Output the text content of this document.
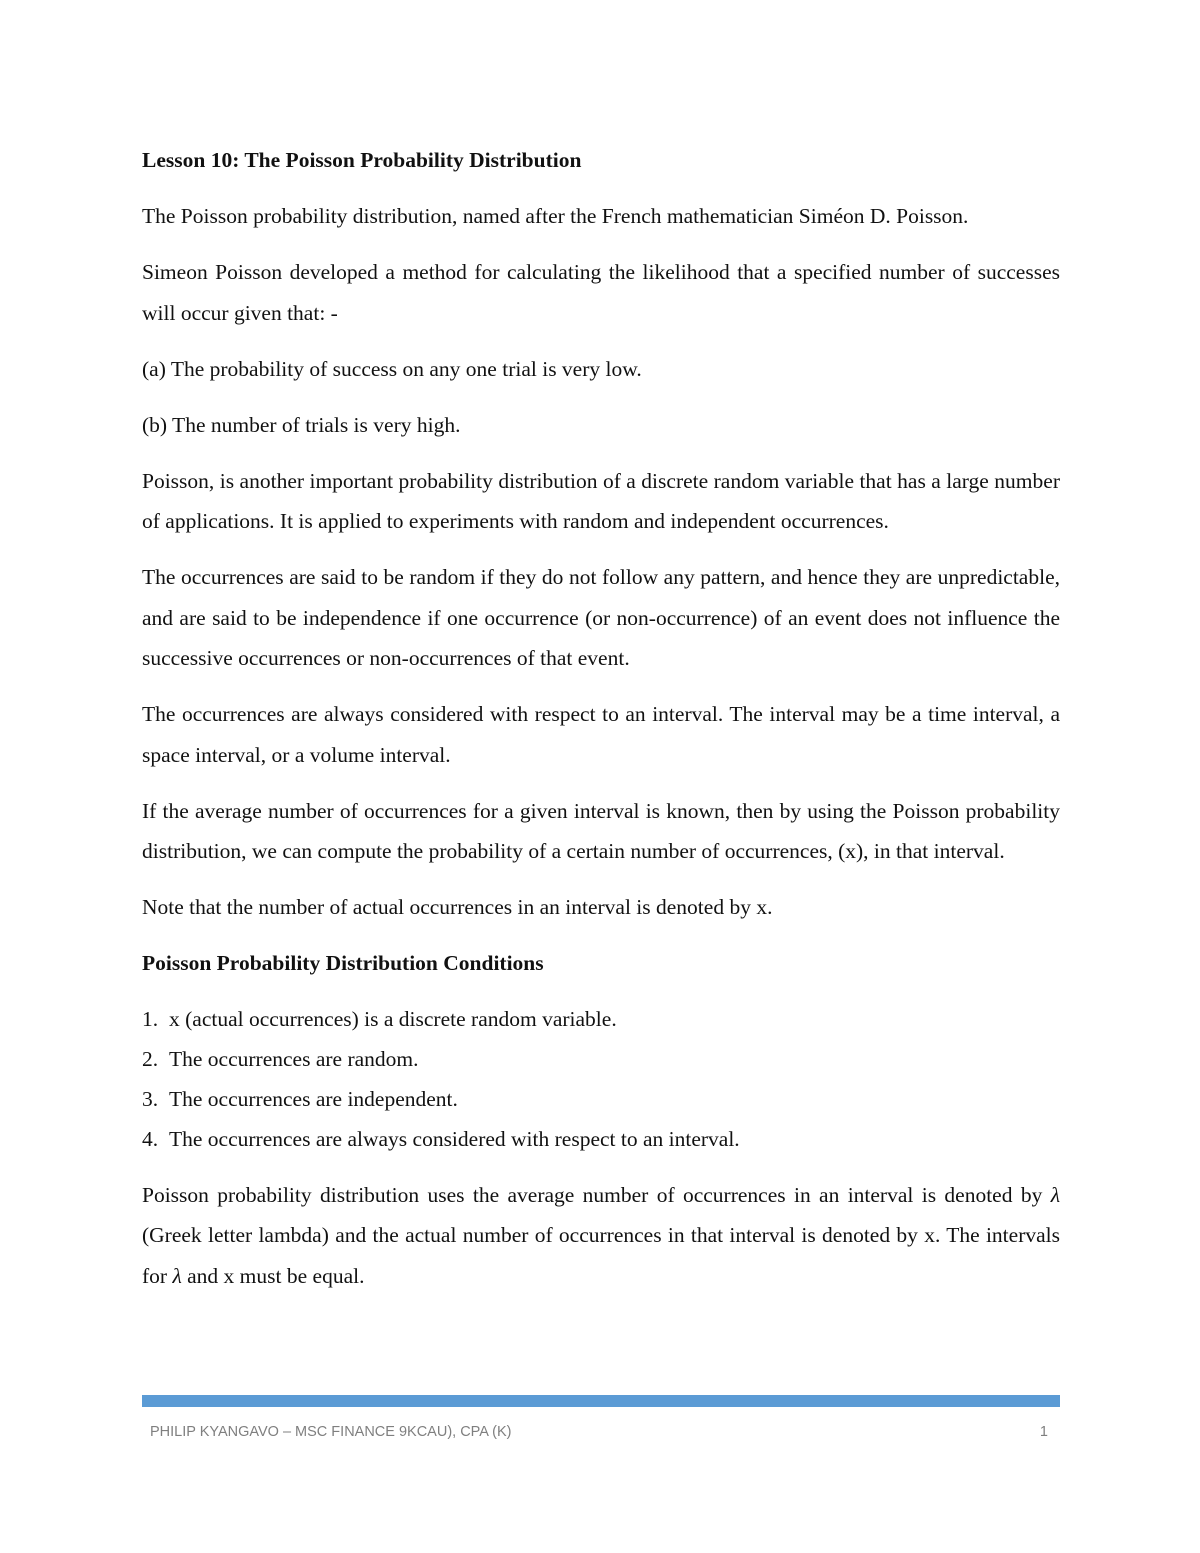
Lesson 10: The Poisson Probability Distribution

The Poisson probability distribution, named after the French mathematician Siméon D. Poisson.

Simeon Poisson developed a method for calculating the likelihood that a specified number of successes will occur given that: -

(a) The probability of success on any one trial is very low.

(b) The number of trials is very high.

Poisson, is another important probability distribution of a discrete random variable that has a large number of applications. It is applied to experiments with random and independent occurrences.

The occurrences are said to be random if they do not follow any pattern, and hence they are unpredictable, and are said to be independence if one occurrence (or non-occurrence) of an event does not influence the successive occurrences or non-occurrences of that event.

The occurrences are always considered with respect to an interval. The interval may be a time interval, a space interval, or a volume interval.

If the average number of occurrences for a given interval is known, then by using the Poisson probability distribution, we can compute the probability of a certain number of occurrences, (x), in that interval.

Note that the number of actual occurrences in an interval is denoted by x.

Poisson Probability Distribution Conditions
1. x (actual occurrences) is a discrete random variable.
2. The occurrences are random.
3. The occurrences are independent.
4. The occurrences are always considered with respect to an interval.

Poisson probability distribution uses the average number of occurrences in an interval is denoted by λ (Greek letter lambda) and the actual number of occurrences in that interval is denoted by x. The intervals for λ and x must be equal.

PHILIP KYANGAVO – MSC FINANCE 9KCAU), CPA (K)	1
